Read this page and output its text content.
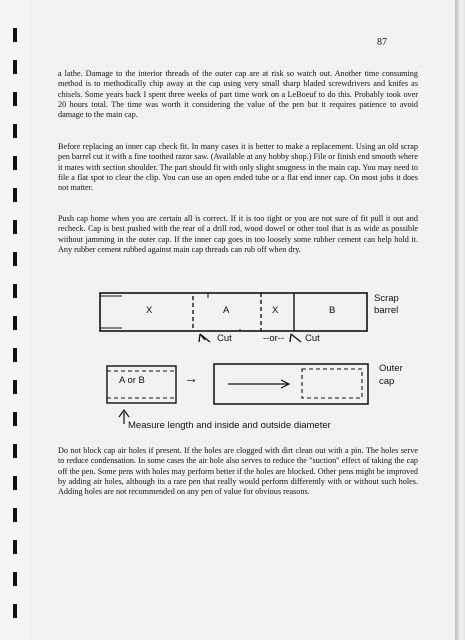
87

a lathe. Damage to the interior threads of the outer cap are at risk so watch out. Another time consuming method is to methodically chip away at the cap using very small sharp bladed screwdrivers and knifes as chisels. Some years back I spent three weeks of part time work on a LeBoeuf to do this. Probably took over 20 hours total. The time was worth it considering the value of the pen but it requires patience to avoid damage to the main cap.

Before replacing an inner cap check fit. In many cases it is better to make a replacement. Using an old scrap pen barrel cut it with a fine toothed razor saw. (Available at any hobby shop.) File or finish end smooth where it mates with section shoulder. The part should fit with only slight snugness in the main cap. You may need to file a flat spot to clear the clip. You can use an open ended tube or a flat end inner cap. On most jobs it does not matter.

Push cap home when you are certain all is correct. If it is too tight or you are not sure of fit pull it out and recheck. Cap is best pushed with the rear of a drill rod, wood dowel or other tool that is as wide as possible without jamming in the outer cap. If the inner cap goes in too loosely some rubber cement can help hold it. Any rubber cement rubbed against main cap threads can rub off when dry.

X	A	X	B
Scrap
barrel
Cut	--or-- Cut
A or B	→
Outer
cap
Measure length and inside and outside diameter

Do not block cap air holes if present. If the holes are clogged with dirt clean out with a pin. The holes serve to reduce condensation. In some cases the air hole also serves to reduce the "suction" effect of taking the cap off the pen. Some pens with holes may perform better if the holes are blocked. Other pens might be improved by adding air holes, although its a rare pen that really would perform differently with or without such holes. Adding holes are not recommended on any pen of value for obvious reasons.
